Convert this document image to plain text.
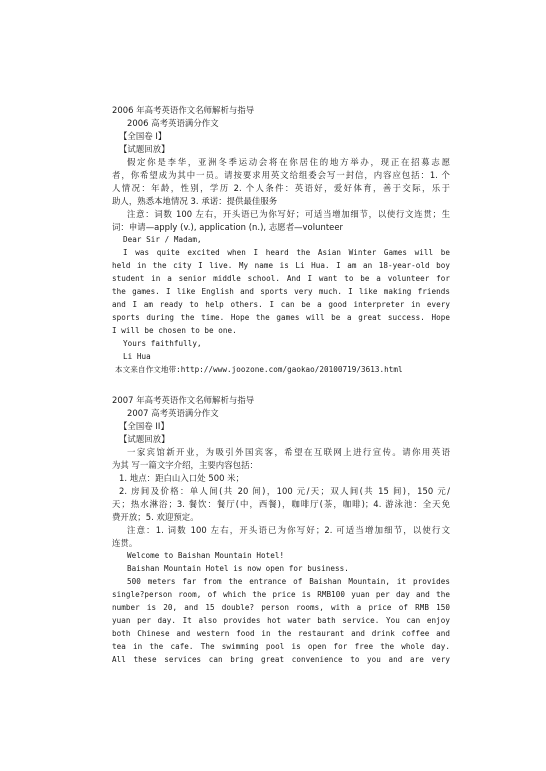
2006 年高考英语作文名师解析与指导
2006 高考英语满分作文
【全国卷 I】
【试题回放】
假定你是李华，亚洲冬季运动会将在你居住的地方举办，现正在招募志愿
者，你希望成为其中一员。请按要求用英文给组委会写一封信，内容应包括：1. 个
人情况：年龄，性别，学历 2. 个人条件：英语好，爱好体育，善于交际，乐于
助人，熟悉本地情况 3. 承诺：提供最佳服务
注意：词数 100 左右，开头语已为你写好；可适当增加细节，以使行文连贯；生
词：申请—apply (v.), application (n.), 志愿者—volunteer
Dear Sir / Madam,
I was quite excited when I heard the Asian Winter Games will be
held in the city I live. My name is Li Hua. I am an 18-year-old boy
student in a senior middle school. And I want to be a volunteer for
the games. I like English and sports very much. I like making friends
and I am ready to help others. I can be a good interpreter in every
sports during the time. Hope the games will be a great success. Hope
I will be chosen to be one.
Yours faithfully,
Li Hua
本文来自作文地带:http://www.joozone.com/gaokao/20100719/3613.html
2007 年高考英语作文名师解析与指导
2007 高考英语满分作文
【全国卷 II】
【试题回放】
一家宾馆新开业，为吸引外国宾客，希望在互联网上进行宣传。请你用英语
为其 写一篇文字介绍，主要内容包括：
1. 地点：距白山入口处 500 米；
2. 房间及价格：单人间(共 20 间)，100 元/天；双人间(共 15 间)，150 元/
天；热水淋浴；3. 餐饮：餐厅(中，西餐)，咖啡厅(茶，咖啡)；4. 游泳池：全天免
费开放；5. 欢迎预定。
注意：1. 词数 100 左右，开头语已为你写好；2. 可适当增加细节，以使行文
连贯。
Welcome to Baishan Mountain Hotel!
Baishan Mountain Hotel is now open for business.
500 meters far from the entrance of Baishan Mountain, it provides
single?person room, of which the price is RMB100 yuan per day and the
number is 20, and 15 double? person rooms, with a price of RMB 150
yuan per day. It also provides hot water bath service. You can enjoy
both Chinese and western food in the restaurant and drink coffee and
tea in the cafe. The swimming pool is open for free the whole day.
All these services can bring great convenience to you and are very
